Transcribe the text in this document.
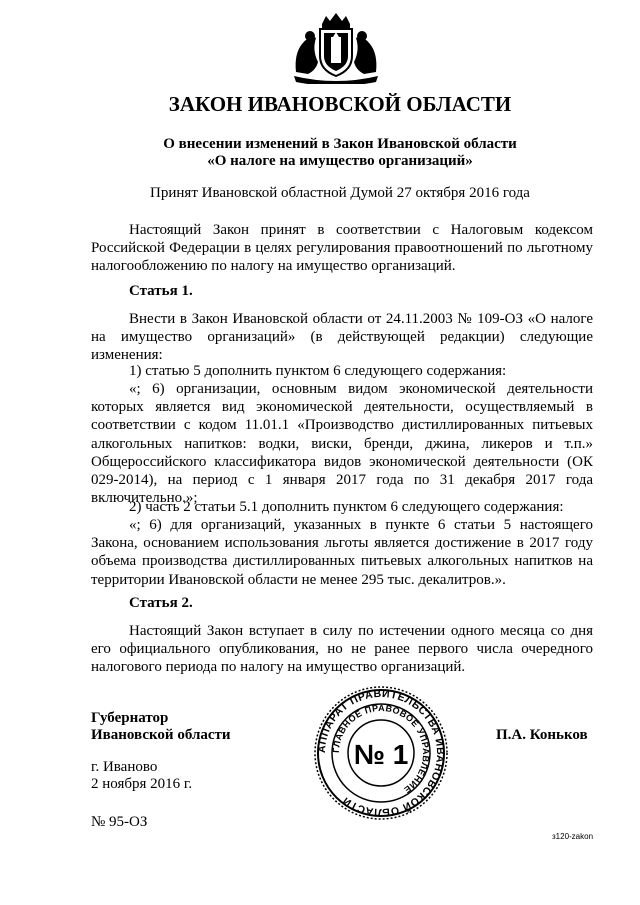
ЗАКОН ИВАНОВСКОЙ ОБЛАСТИ
О внесении изменений в Закон Ивановской области
«О налоге на имущество организаций»
Принят Ивановской областной Думой 27 октября 2016 года
Настоящий Закон принят в соответствии с Налоговым кодексом Российской Федерации в целях регулирования правоотношений по льготному налогообложению по налогу на имущество организаций.
Статья 1.
Внести в Закон Ивановской области от 24.11.2003 № 109-ОЗ «О налоге на имущество организаций» (в действующей редакции) следующие изменения:
1) статью 5 дополнить пунктом 6 следующего содержания:
«; 6) организации, основным видом экономической деятельности которых является вид экономической деятельности, осуществляемый в соответствии с кодом 11.01.1 «Производство дистиллированных питьевых алкогольных напитков: водки, виски, бренди, джина, ликеров и т.п.» Общероссийского классификатора видов экономической деятельности (ОК 029-2014), на период с 1 января 2017 года по 31 декабря 2017 года включительно.»;
2) часть 2 статьи 5.1 дополнить пунктом 6 следующего содержания:
«; 6) для организаций, указанных в пункте 6 статьи 5 настоящего Закона, основанием использования льготы является достижение в 2017 году объема производства дистиллированных питьевых алкогольных напитков на территории Ивановской области не менее 295 тыс. декалитров.».
Статья 2.
Настоящий Закон вступает в силу по истечении одного месяца со дня его официального опубликования, но не ранее первого числа очередного налогового периода по налогу на имущество организаций.
Губернатор
Ивановской области	П.А. Коньков
АППАРАТ ПРАВИТЕЛЬСТВА ИВАНОВСКОЙ ОБЛАСТИ
ГЛАВНОЕ ПРАВОВОЕ УПРАВЛЕНИЕ
№ 1
г. Иваново
2 ноября 2016 г.
№ 95-ОЗ
з120-zakon
